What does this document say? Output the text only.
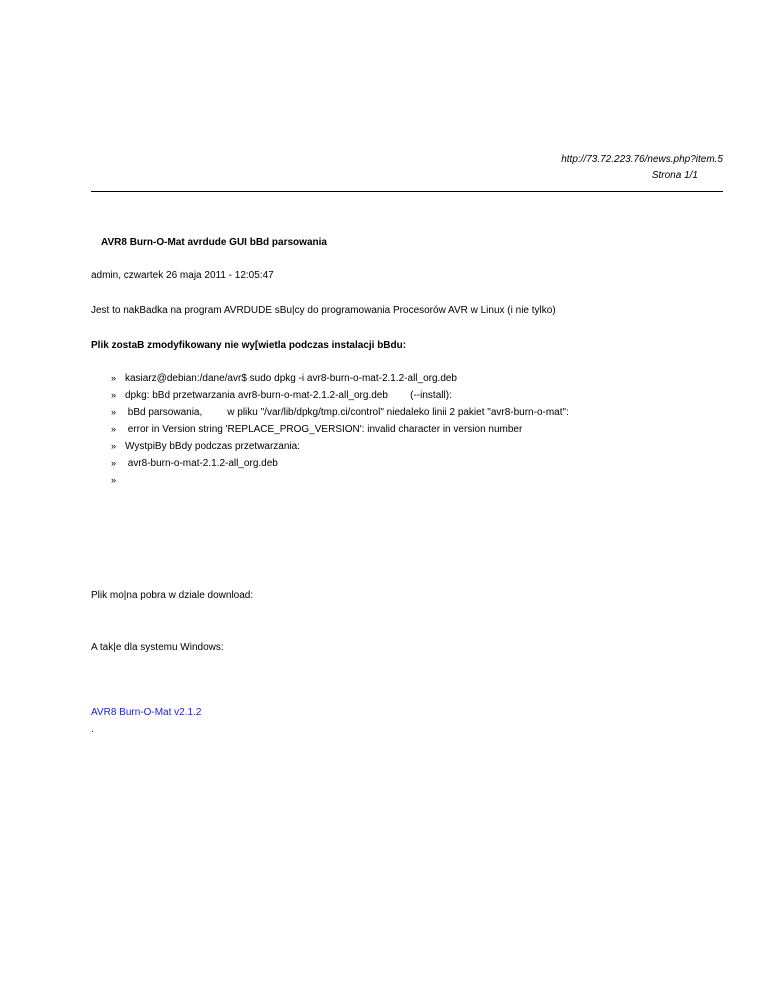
http://73.72.223.76/news.php?item.5
Strona 1/1
AVR8 Burn-O-Mat avrdude GUI bBd parsowania
admin, czwartek 26 maja 2011 - 12:05:47
Jest to nakBadka na program AVRDUDE sBu|cy do programowania Procesorów AVR w Linux (i nie tylko)
Plik zostaB zmodyfikowany nie wy[wietla podczas instalacji bBdu:
» kasiarz@debian:/dane/avr$ sudo dpkg -i avr8-burn-o-mat-2.1.2-all_org.deb
» dpkg: bBd przetwarzania avr8-burn-o-mat-2.1.2-all_org.deb        (--install):
» bBd parsowania,         w pliku "/var/lib/dpkg/tmp.ci/control" niedaleko linii 2 pakiet "avr8-burn-o-mat":
» error in Version string 'REPLACE_PROG_VERSION': invalid character in version number
» WystpiBy bBdy podczas przetwarzania:
» avr8-burn-o-mat-2.1.2-all_org.deb
»
Plik mo|na pobra w dziale download:
A tak|e dla systemu Windows:
AVR8 Burn-O-Mat v2.1.2
.
